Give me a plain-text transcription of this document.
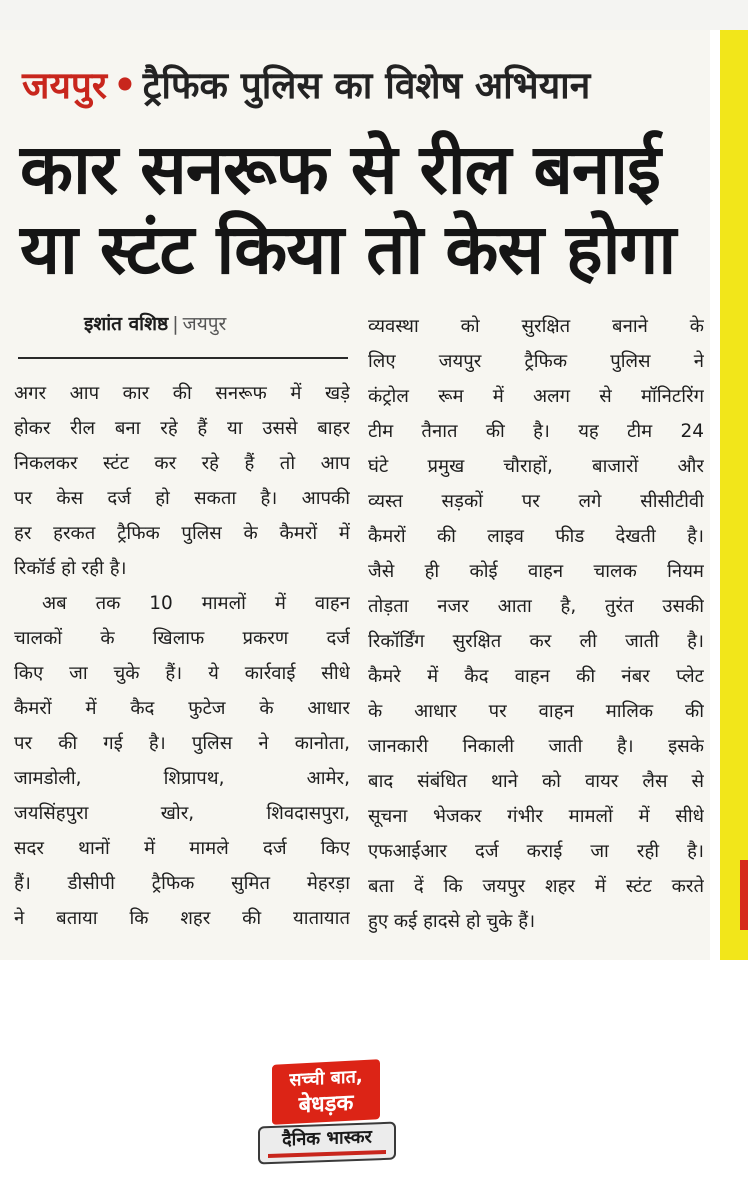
जयपुर • ट्रैफिक पुलिस का विशेष अभियान
कार सनरूफ से रील बनाई
या स्टंट किया तो केस होगा
इशांत वशिष्ठ | जयपुर
अगर आप कार की सनरूफ में खड़े
होकर रील बना रहे हैं या उससे बाहर
निकलकर स्टंट कर रहे हैं तो आप
पर केस दर्ज हो सकता है। आपकी
हर हरकत ट्रैफिक पुलिस के कैमरों में
रिकॉर्ड हो रही है।
अब तक 10 मामलों में वाहन
चालकों के खिलाफ प्रकरण दर्ज
किए जा चुके हैं। ये कार्रवाई सीधे
कैमरों में कैद फुटेज के आधार
पर की गई है। पुलिस ने कानोता,
जामडोली, शिप्रापथ, आमेर,
जयसिंहपुरा खोर, शिवदासपुरा,
सदर थानों में मामले दर्ज किए
हैं। डीसीपी ट्रैफिक सुमित मेहरड़ा
ने बताया कि शहर की यातायात
व्यवस्था को सुरक्षित बनाने के
लिए जयपुर ट्रैफिक पुलिस ने
कंट्रोल रूम में अलग से मॉनिटरिंग
टीम तैनात की है। यह टीम 24
घंटे प्रमुख चौराहों, बाजारों और
व्यस्त सड़कों पर लगे सीसीटीवी
कैमरों की लाइव फीड देखती है।
जैसे ही कोई वाहन चालक नियम
तोड़ता नजर आता है, तुरंत उसकी
रिकॉर्डिंग सुरक्षित कर ली जाती है।
कैमरे में कैद वाहन की नंबर प्लेट
के आधार पर वाहन मालिक की
जानकारी निकाली जाती है। इसके
बाद संबंधित थाने को वायर लैस से
सूचना भेजकर गंभीर मामलों में सीधे
एफआईआर दर्ज कराई जा रही है।
बता दें कि जयपुर शहर में स्टंट करते
हुए कई हादसे हो चुके हैं।
सच्ची बात,
बेधड़क
दैनिक भास्कर
